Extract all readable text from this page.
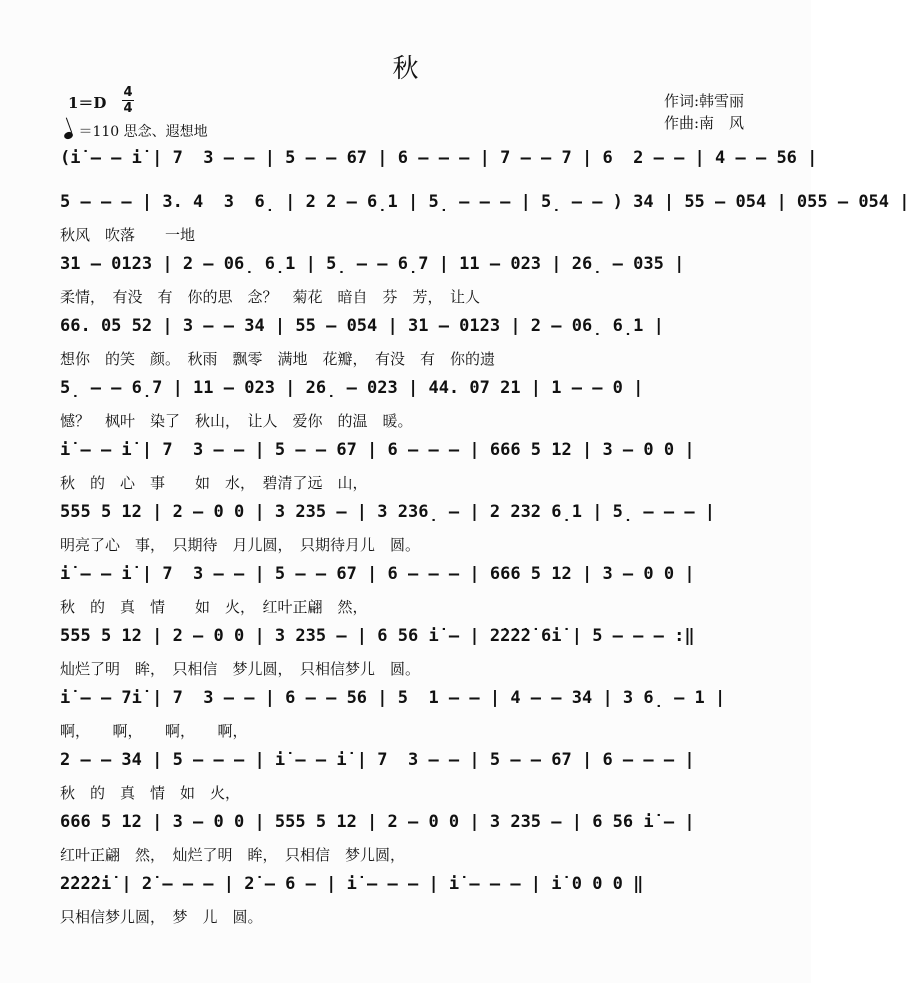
秋
1＝D
4
4
＝110 思念、遐想地
作词:韩雪丽
作曲:南　风
(i̇ – – i̇ | 7  3 – – | 5 – – 67 | 6 – – – | 7 – – 7 | 6  2 – – | 4 – – 56 |
5 – – – | 3. 4  3  6̣ | 2 2 – 6̣1 | 5̣ – – – | 5̣ – – ) 34 | 55 – 054 | 055 – 054 |
秋风　吹落　　一地
31 – 0123 | 2 – 06̣ 6̣1 | 5̣ – – 6̣7 | 11 – 023 | 26̣ – 035 |
柔情，　有没　有　你的思　念？　菊花　暗自　芬　芳，　让人
66. 05 52 | 3 – – 34 | 55 – 054 | 31 – 0123 | 2 – 06̣ 6̣1 |
想你　的笑　颜。　秋雨　飘零　满地　花瓣，　有没　有　你的遗
5̣ – – 6̣7 | 11 – 023 | 26̣ – 023 | 44. 07 21 | 1 – – 0 |
憾？　枫叶　染了　秋山，　让人　爱你　的温　暖。
i̇ – – i̇ | 7  3 – – | 5 – – 67 | 6 – – – | 666 5 12 | 3 – 0 0 |
秋　的　心　事　　如　水，　碧清了远　山，
555 5 12 | 2 – 0 0 | 3 235 – | 3 236̣ – | 2 232 6̣1 | 5̣ – – – |
明亮了心　事，　只期待　月儿圆，　只期待月儿　圆。
i̇ – – i̇ | 7  3 – – | 5 – – 67 | 6 – – – | 666 5 12 | 3 – 0 0 |
秋　的　真　情　　如　火，　红叶正翩　然，
555 5 12 | 2 – 0 0 | 3 235 – | 6 56 i̇ – | 2̇2̇2̇2̇ 6i̇ | 5 – – – :‖
灿烂了明　眸，　只相信　梦儿圆，　只相信梦儿　圆。
i̇ – – 7i̇ | 7  3 – – | 6 – – 56 | 5  1 – – | 4 – – 34 | 3 6̣ – 1 |
啊，　　啊，　　啊，　　啊，
2 – – 34 | 5 – – – | i̇ – – i̇ | 7  3 – – | 5 – – 67 | 6 – – – |
秋　的　真　情　如　火，
666 5 12 | 3 – 0 0 | 555 5 12 | 2 – 0 0 | 3 235 – | 6 56 i̇ – |
红叶正翩　然，　灿烂了明　眸，　只相信　梦儿圆，
2̇2̇2̇2̇i̇ | 2̇ – – – | 2̇ – 6 – | i̇ – – – | i̇ – – – | i̇ 0 0 0 ‖
只相信梦儿圆，　梦　儿　圆。
